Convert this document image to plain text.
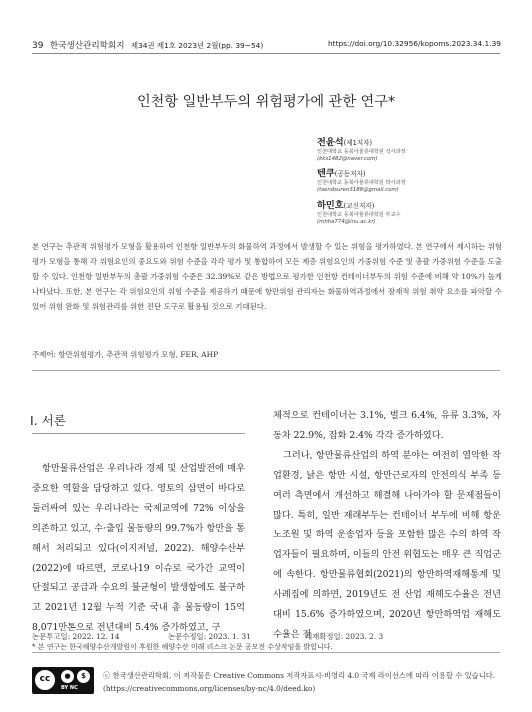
39 한국생산관리학회지 제34권 제1호 2023년 2월(pp. 39~54)	https://doi.org/10.32956/kopoms.2023.34.1.39
인천항 일반부두의 위험평가에 관한 연구*
전윤석(제1저자)
인천대학교 동북아물류대학원 석사과정
(kks1482@naver.com)
텐쿠(공동저자)
인천대학교 동북아물류대학원 박사과정
(tsendsuren3188@gmail.com)
하민호(교신저자)
인천대학교 동북아물류대학원 부교수
(mhha774@inu.ac.kr)
본 연구는 추관적 위험평가 모형을 활용하여 인천항 일반부두의 화물하역 과정에서 발생할 수 있는 위험을 평가하였다. 본 연구에서 제시하는 위험평가 모형을 통해 각 위험요인의 중요도와 위험 수준을 각각 평가 및 통합하여 모든 제층 위험요인의 가중위험 수준 및 총괄 가중위험 수준을 도출할 수 있다. 인천항 일반부두의 총괄 가중위험 수준은 32.39%로 같은 방법으로 평가한 인천항 컨테이너부두의 위험 수준에 비해 약 10%가 높게 나타났다. 또한, 본 연구는 각 위험요인의 위험 수준을 제공하기 때문에 항만위험 관리자는 화물하역과정에서 잠재적 위험 취약 요소를 파악할 수 있어 위험 완화 및 위험관리를 위한 진단 도구로 활용될 것으로 기대된다.
주제어: 항만위험평가, 추관적 위험평가 모형, FER, AHP
Ⅰ. 서론
항만물류산업은 우리나라 경제 및 산업발전에 매우 중요한 역할을 담당하고 있다. 영토의 삼면이 바다로 둘러싸여 있는 우리나라는 국제교역에 72% 이상을 의존하고 있고, 수·출입 물동량의 99.7%가 항만을 통해서 처리되고 있다(이지저널, 2022). 해양수산부(2022)에 따르면, 코로나19 이슈로 국가간 교역이 단절되고 공급과 수요의 불균형이 발생함에도 불구하고 2021년 12월 누적 기준 국내 총 물동량이 15억 8,071만톤으로 전년대비 5.4% 증가하였고, 구
체적으로 컨테이너는 3.1%, 벌크 6.4%, 유류 3.3%, 자동차 22.9%, 잡화 2.4% 각각 증가하였다.
그러나, 항만물류산업의 하역 분야는 여전히 열악한 작업환경, 낡은 항만 시설, 항만근로자의 안전의식 부족 등 여러 측면에서 개선하고 해결해 나아가야 할 문제점들이 많다. 특히, 일반 재래부두는 컨테이너 부두에 비해 항운노조원 및 하역 운송업자 등을 포함한 많은 수의 하역 작업자들이 필요하며, 이들의 안전 위협도는 매우 큰 직업군에 속한다. 항만물류협회(2021)의 항만하역재해통계 및 사례집에 의하면, 2019년도 전 산업 재해도수율은 전년 대비 15.6% 증가하였으며, 2020년 항만하역업 재해도수율은 전
논문투고일: 2022. 12. 14	논문수정일: 2023. 1. 31	게재확정일: 2023. 2. 3
* 본 연구는 한국해양수산개발원이 후원한 해양수산 미래 리스크 논문 공모전 수상작임을 밝힙니다.
cc	●	$
BY NC
ⓒ 한국생산관리학회, 이 저작물은 Creative Commons 저작자표시-비영리 4.0 국제 라이선스에 따라 이용할 수 있습니다. (https://creativecommons.org/licenses/by-nc/4.0/deed.ko)
